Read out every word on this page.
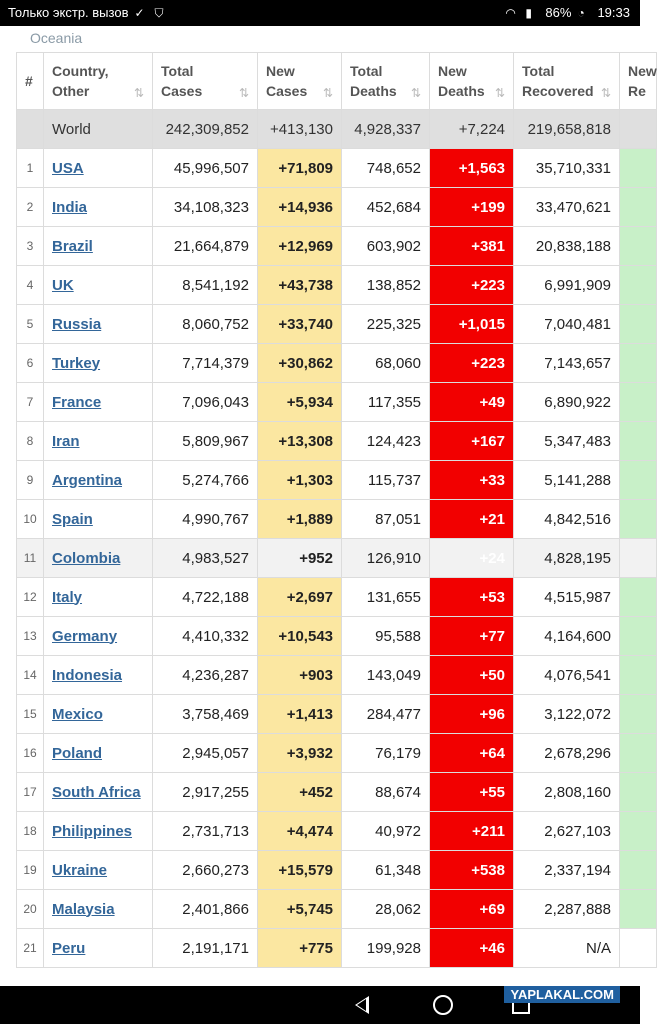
Только экстр. вызов ✓ ⛉	◠ ▮	86% ◔ 19:33
Oceania
#	Country, Other ⇅	Total Cases ⇅	New Cases ⇅	Total Deaths ⇅	New Deaths ⇅	Total Recovered ⇅	New Re

	World	242,309,852	+413,130	4,928,337	+7,224	219,658,818	
1	USA	45,996,507	+71,809	748,652	+1,563	35,710,331	
2	India	34,108,323	+14,936	452,684	+199	33,470,621	
3	Brazil	21,664,879	+12,969	603,902	+381	20,838,188	
4	UK	8,541,192	+43,738	138,852	+223	6,991,909	
5	Russia	8,060,752	+33,740	225,325	+1,015	7,040,481	
6	Turkey	7,714,379	+30,862	68,060	+223	7,143,657	
7	France	7,096,043	+5,934	117,355	+49	6,890,922	
8	Iran	5,809,967	+13,308	124,423	+167	5,347,483	
9	Argentina	5,274,766	+1,303	115,737	+33	5,141,288	
10	Spain	4,990,767	+1,889	87,051	+21	4,842,516	
11	Colombia	4,983,527	+952	126,910	+24	4,828,195	
12	Italy	4,722,188	+2,697	131,655	+53	4,515,987	
13	Germany	4,410,332	+10,543	95,588	+77	4,164,600	
14	Indonesia	4,236,287	+903	143,049	+50	4,076,541	
15	Mexico	3,758,469	+1,413	284,477	+96	3,122,072	
16	Poland	2,945,057	+3,932	76,179	+64	2,678,296	
17	South Africa	2,917,255	+452	88,674	+55	2,808,160	
18	Philippines	2,731,713	+4,474	40,972	+211	2,627,103	
19	Ukraine	2,660,273	+15,579	61,348	+538	2,337,194	
20	Malaysia	2,401,866	+5,745	28,062	+69	2,287,888	
21	Peru	2,191,171	+775	199,928	+46	N/A	
YAPLAKAL.COM
